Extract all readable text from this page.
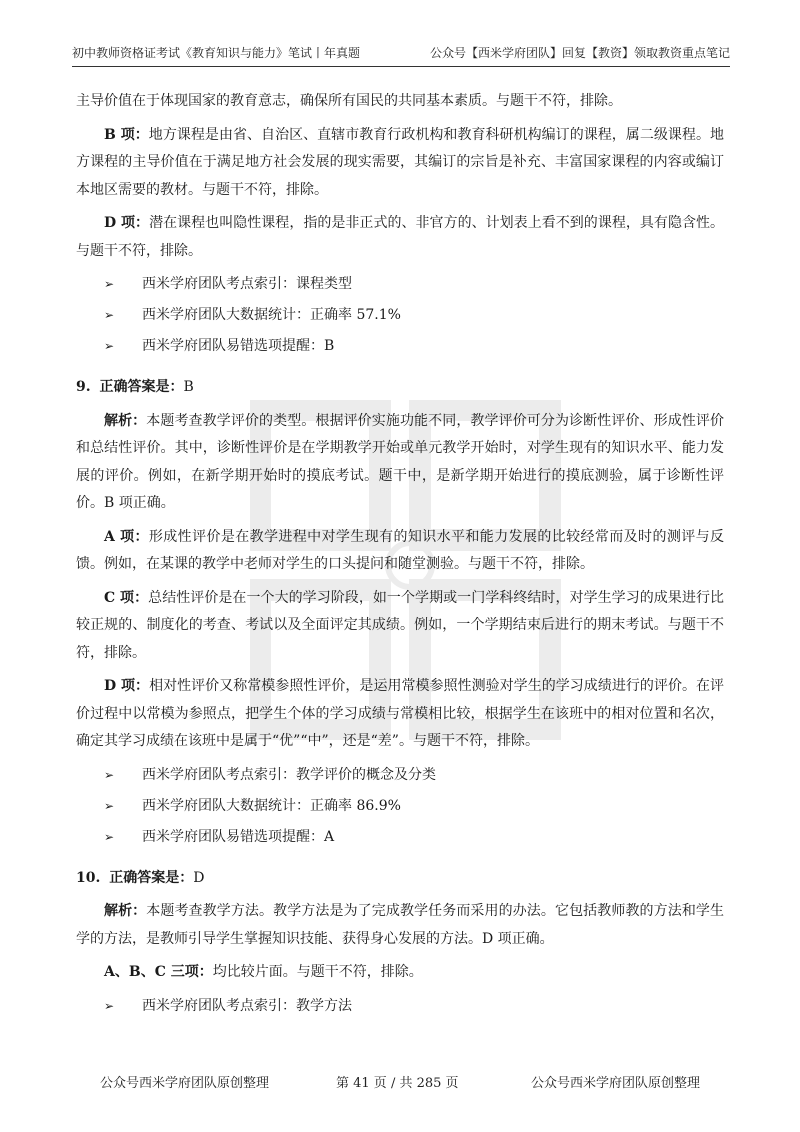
初中教师资格证考试《教育知识与能力》笔试丨年真题	公众号【西米学府团队】回复【教资】领取教资重点笔记

主导价值在于体现国家的教育意志，确保所有国民的共同基本素质。与题干不符，排除。

B 项：地方课程是由省、自治区、直辖市教育行政机构和教育科研机构编订的课程，属二级课程。地方课程的主导价值在于满足地方社会发展的现实需要，其编订的宗旨是补充、丰富国家课程的内容或编订本地区需要的教材。与题干不符，排除。

D 项：潜在课程也叫隐性课程，指的是非正式的、非官方的、计划表上看不到的课程，具有隐含性。与题干不符，排除。

➢ 西米学府团队考点索引：课程类型
➢ 西米学府团队大数据统计：正确率 57.1%
➢ 西米学府团队易错选项提醒：B

9. 正确答案是：B

解析：本题考查教学评价的类型。根据评价实施功能不同，教学评价可分为诊断性评价、形成性评价和总结性评价。其中，诊断性评价是在学期教学开始或单元教学开始时，对学生现有的知识水平、能力发展的评价。例如，在新学期开始时的摸底考试。题干中，是新学期开始进行的摸底测验，属于诊断性评价。B 项正确。

A 项：形成性评价是在教学进程中对学生现有的知识水平和能力发展的比较经常而及时的测评与反馈。例如，在某课的教学中老师对学生的口头提问和随堂测验。与题干不符，排除。

C 项：总结性评价是在一个大的学习阶段，如一个学期或一门学科终结时，对学生学习的成果进行比较正规的、制度化的考查、考试以及全面评定其成绩。例如，一个学期结束后进行的期末考试。与题干不符，排除。

D 项：相对性评价又称常模参照性评价，是运用常模参照性测验对学生的学习成绩进行的评价。在评价过程中以常模为参照点，把学生个体的学习成绩与常模相比较，根据学生在该班中的相对位置和名次，确定其学习成绩在该班中是属于“优”“中”，还是“差”。与题干不符，排除。

➢ 西米学府团队考点索引：教学评价的概念及分类
➢ 西米学府团队大数据统计：正确率 86.9%
➢ 西米学府团队易错选项提醒：A

10. 正确答案是：D

解析：本题考查教学方法。教学方法是为了完成教学任务而采用的办法。它包括教师教的方法和学生学的方法，是教师引导学生掌握知识技能、获得身心发展的方法。D 项正确。

A、B、C 三项：均比较片面。与题干不符，排除。

➢ 西米学府团队考点索引：教学方法
公众号西米学府团队原创整理	第 41 页 / 共 285 页	公众号西米学府团队原创整理
